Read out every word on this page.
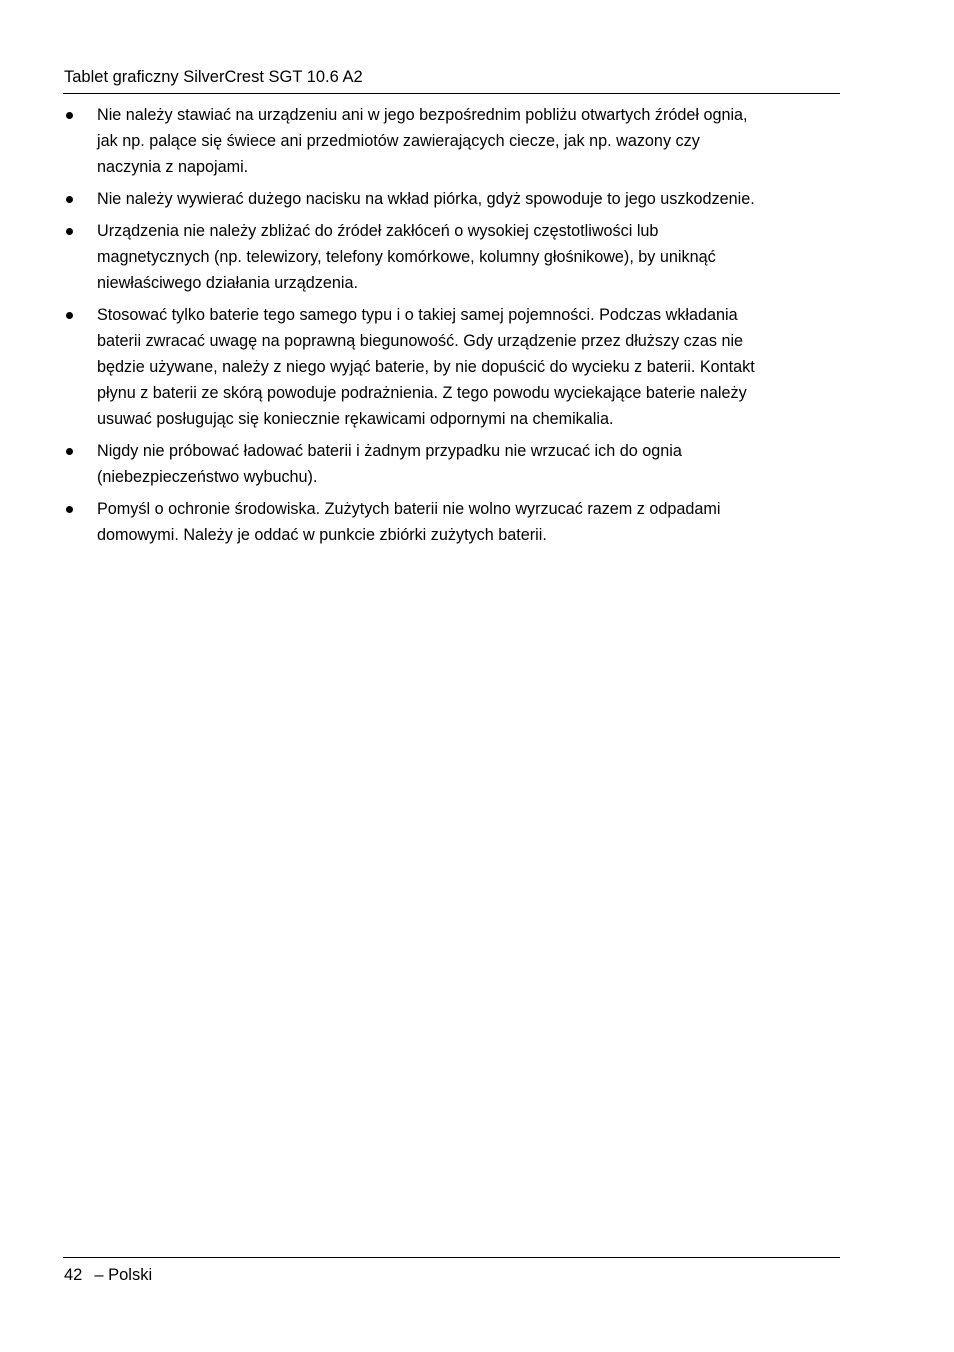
Tablet graficzny SilverCrest SGT 10.6 A2
Nie należy stawiać na urządzeniu ani w jego bezpośrednim pobliżu otwartych źródeł ognia,
jak np. palące się świece ani przedmiotów zawierających ciecze, jak np. wazony czy
naczynia z napojami.
Nie należy wywierać dużego nacisku na wkład piórka, gdyż spowoduje to jego uszkodzenie.
Urządzenia nie należy zbliżać do źródeł zakłóceń o wysokiej częstotliwości lub
magnetycznych (np. telewizory, telefony komórkowe, kolumny głośnikowe), by uniknąć
niewłaściwego działania urządzenia.
Stosować tylko baterie tego samego typu i o takiej samej pojemności. Podczas wkładania
baterii zwracać uwagę na poprawną biegunowość. Gdy urządzenie przez dłuższy czas nie
będzie używane, należy z niego wyjąć baterie, by nie dopuścić do wycieku z baterii. Kontakt
płynu z baterii ze skórą powoduje podrażnienia. Z tego powodu wyciekające baterie należy
usuwać posługując się koniecznie rękawicami odpornymi na chemikalia.
Nigdy nie próbować ładować baterii i żadnym przypadku nie wrzucać ich do ognia
(niebezpieczeństwo wybuchu).
Pomyśl o ochronie środowiska. Zużytych baterii nie wolno wyrzucać razem z odpadami
domowymi. Należy je oddać w punkcie zbiórki zużytych baterii.
42 – Polski
